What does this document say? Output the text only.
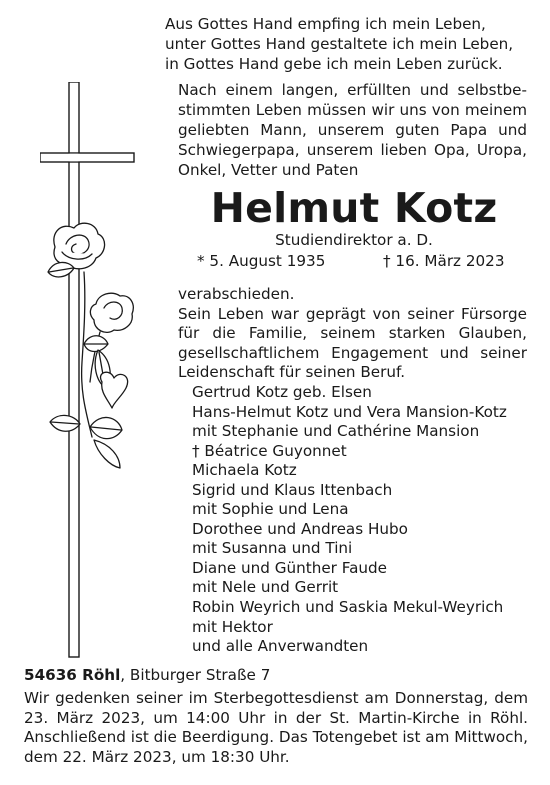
Aus Gottes Hand empfing ich mein Leben,
unter Gottes Hand gestaltete ich mein Leben,
in Gottes Hand gebe ich mein Leben zurück.
Nach einem langen, erfüllten und selbstbestimmten Leben müssen wir uns von meinem geliebten Mann, unserem guten Papa und Schwiegerpapa, unserem lieben Opa, Uropa, Onkel, Vetter und Paten
Helmut Kotz
Studiendirektor a. D.
* 5. August 1935	† 16. März 2023

verabschieden.

Sein Leben war geprägt von seiner Fürsorge für die Familie, seinem starken Glauben, gesellschaftlichem Engagement und seiner Leidenschaft für seinen Beruf.

Gertrud Kotz geb. Elsen
Hans-Helmut Kotz und Vera Mansion-Kotz
mit Stephanie und Cathérine Mansion
† Béatrice Guyonnet
Michaela Kotz
Sigrid und Klaus Ittenbach
mit Sophie und Lena
Dorothee und Andreas Hubo
mit Susanna und Tini
Diane und Günther Faude
mit Nele und Gerrit
Robin Weyrich und Saskia Mekul-Weyrich
mit Hektor
und alle Anverwandten
54636 Röhl, Bitburger Straße 7
Wir gedenken seiner im Sterbegottesdienst am Donnerstag, dem 23. März 2023, um 14:00 Uhr in der St. Martin-Kirche in Röhl. Anschließend ist die Beerdigung. Das Totengebet ist am Mittwoch, dem 22. März 2023, um 18:30 Uhr.
